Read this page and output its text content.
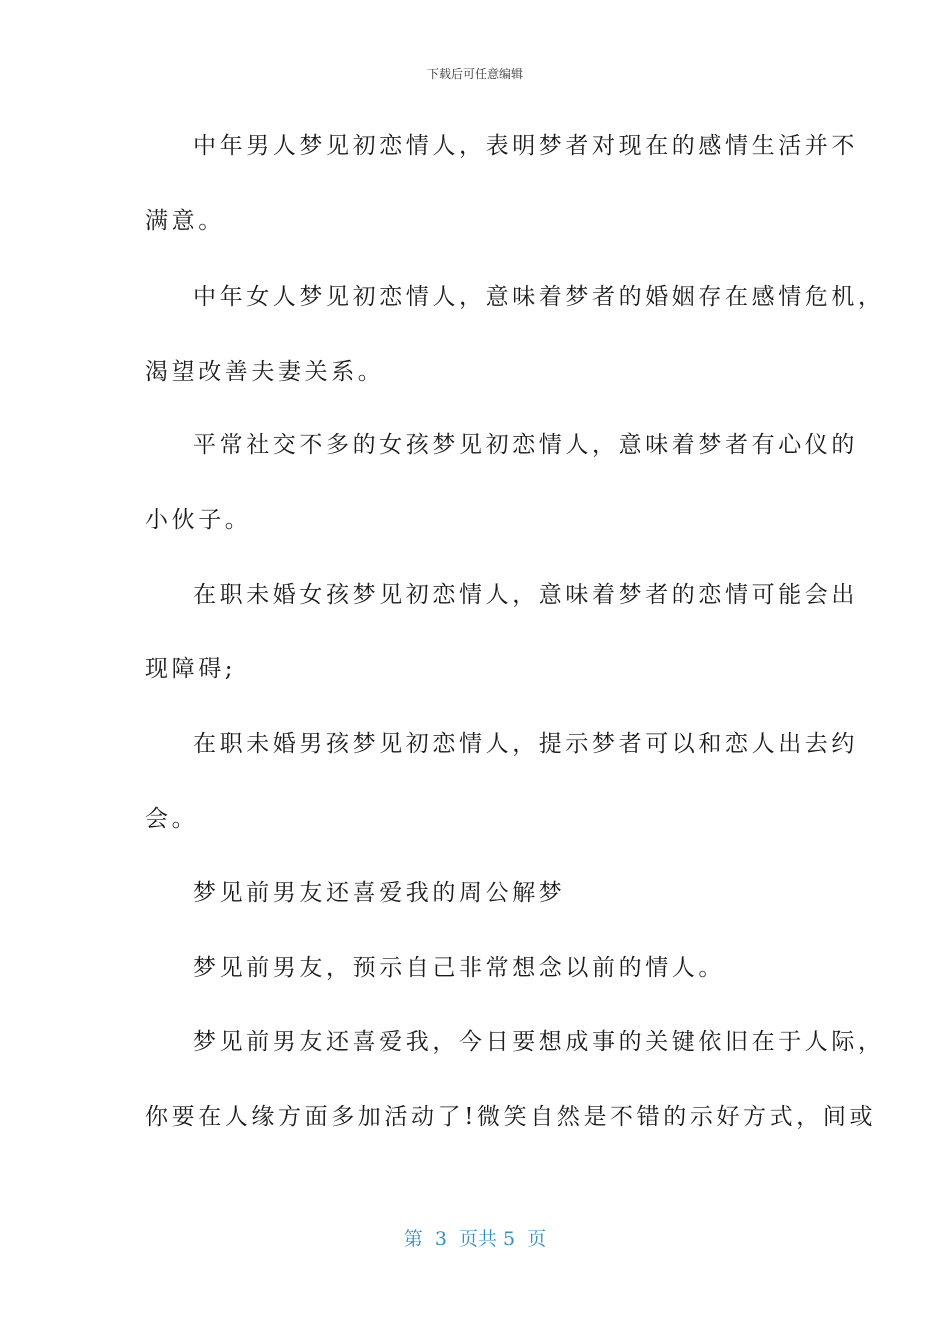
下载后可任意编辑
中年男人梦见初恋情人，表明梦者对现在的感情生活并不
满意。
中年女人梦见初恋情人，意味着梦者的婚姻存在感情危机，
渴望改善夫妻关系。
平常社交不多的女孩梦见初恋情人，意味着梦者有心仪的
小伙子。
在职未婚女孩梦见初恋情人，意味着梦者的恋情可能会出
现障碍;
在职未婚男孩梦见初恋情人，提示梦者可以和恋人出去约
会。
梦见前男友还喜爱我的周公解梦
梦见前男友，预示自己非常想念以前的情人。
梦见前男友还喜爱我，今日要想成事的关键依旧在于人际，
你要在人缘方面多加活动了!微笑自然是不错的示好方式，间或
第  3  页共 5  页
